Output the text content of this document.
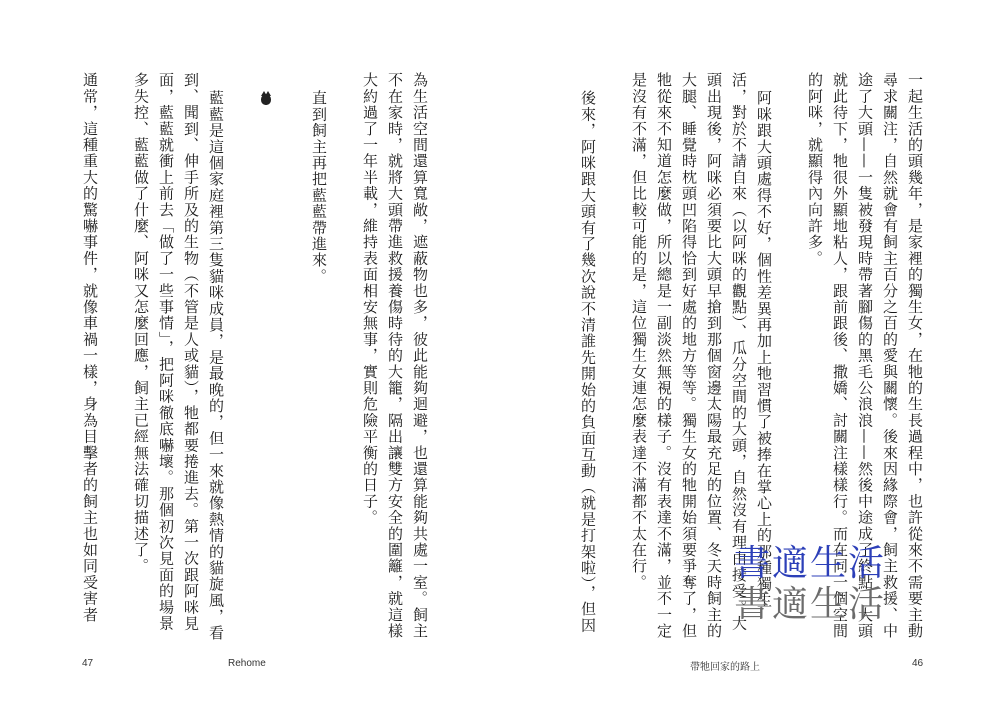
一起生活的頭幾年，是家裡的獨生女，在牠的生長過程中，也許從來不需要主動
尋求關注，自然就會有飼主百分之百的愛與關懷。後來因緣際會，飼主救援、中
途了大頭——一隻被發現時帶著腳傷的黑毛公浪浪——然後中途成了終點，大頭
就此待下，牠很外顯地粘人，跟前跟後、撒嬌、討關注樣樣行。而在同一個空間
的阿咪，就顯得內向許多。
阿咪跟大頭處得不好，個性差異再加上牠習慣了被捧在掌心上的那種獨生
活，對於不請自來（以阿咪的觀點）、瓜分空間的大頭，自然沒有理由接受。大
頭出現後，阿咪必須要比大頭早搶到那個窗邊太陽最充足的位置、冬天時飼主的
大腿、睡覺時枕頭凹陷得恰到好處的地方等等。獨生女的牠開始須要爭奪了，但
牠從來不知道怎麼做，所以總是一副淡然無視的樣子。沒有表達不滿，並不一定
是沒有不滿，但比較可能的是，這位獨生女連怎麼表達不滿都不太在行。
後來，阿咪跟大頭有了幾次說不清誰先開始的負面互動（就是打架啦），但因
帶牠回家的路上	46
為生活空間還算寬敞，遮蔽物也多，彼此能夠迴避，也還算能夠共處一室。飼主
不在家時，就將大頭帶進救援養傷時待的大籠，隔出讓雙方安全的圍籬，就這樣
大約過了一年半載，維持表面相安無事，實則危險平衡的日子。
直到飼主再把藍藍帶進來。
藍藍是這個家庭裡第三隻貓咪成員，是最晚的，但一來就像熱情的貓旋風，看
到、聞到、伸手所及的生物（不管是人或貓），牠都要捲進去。第一次跟阿咪見
面，藍藍就衝上前去「做了一些事情」，把阿咪徹底嚇壞。那個初次見面的場景
多失控、藍藍做了什麼、阿咪又怎麼回應，飼主已經無法確切描述了。
通常，這種重大的驚嚇事件，就像車禍一樣，身為目擊者的飼主也如同受害者
47	Rehome
書適生活
書適生活
